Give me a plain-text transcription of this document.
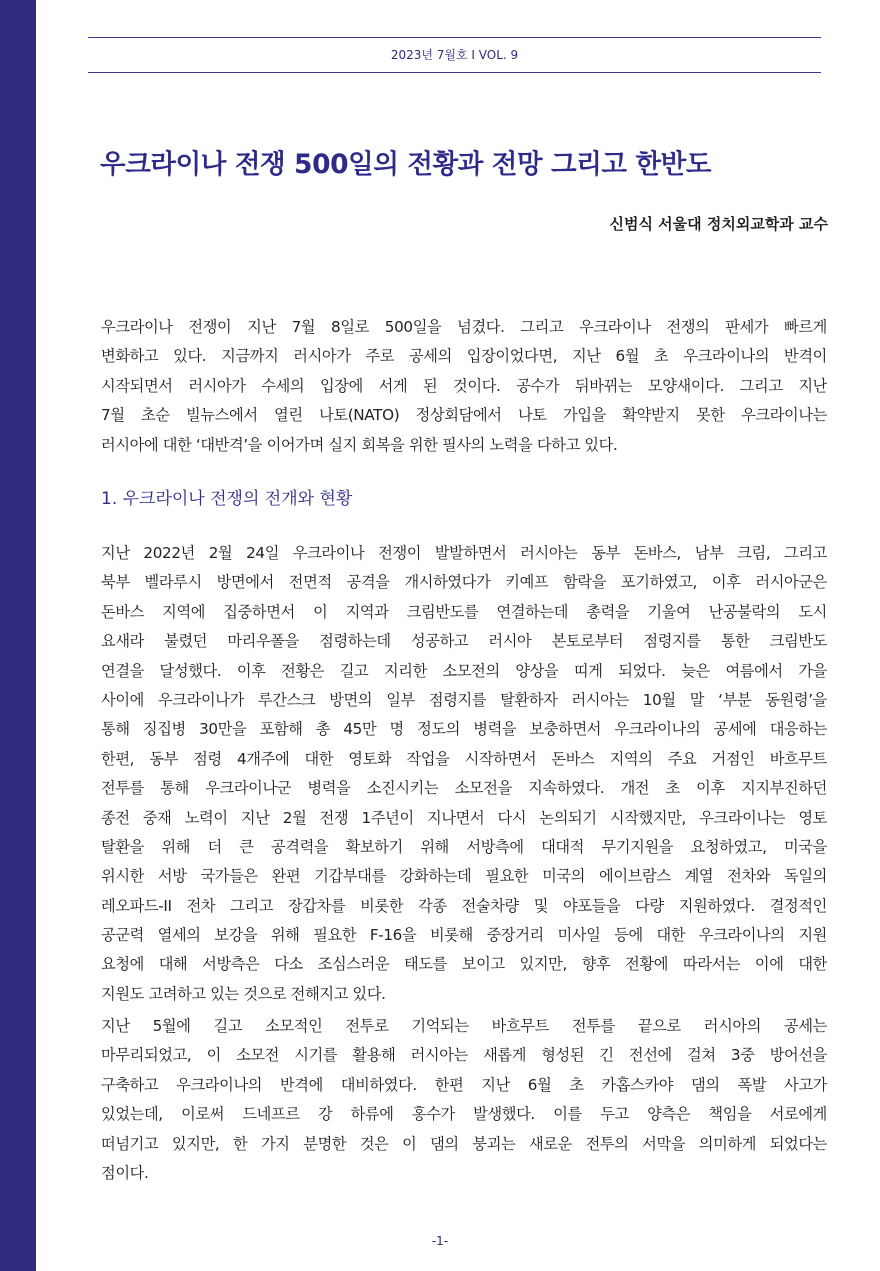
2023년 7월호 I VOL. 9
우크라이나 전쟁 500일의 전황과 전망 그리고 한반도
신범식 서울대 정치외교학과 교수
우크라이나 전쟁이 지난 7월 8일로 500일을 넘겼다. 그리고 우크라이나 전쟁의 판세가 빠르게
변화하고 있다. 지금까지 러시아가 주로 공세의 입장이었다면, 지난 6월 초 우크라이나의 반격이
시작되면서 러시아가 수세의 입장에 서게 된 것이다. 공수가 뒤바뀌는 모양새이다. 그리고 지난
7월 초순 빌뉴스에서 열린 나토(NATO) 정상회담에서 나토 가입을 확약받지 못한 우크라이나는
러시아에 대한 ‘대반격’을 이어가며 실지 회복을 위한 필사의 노력을 다하고 있다.
1. 우크라이나 전쟁의 전개와 현황
지난 2022년 2월 24일 우크라이나 전쟁이 발발하면서 러시아는 동부 돈바스, 남부 크림, 그리고
북부 벨라루시 방면에서 전면적 공격을 개시하였다가 키예프 함락을 포기하였고, 이후 러시아군은
돈바스 지역에 집중하면서 이 지역과 크림반도를 연결하는데 총력을 기울여 난공불락의 도시
요새라 불렸던 마리우폴을 점령하는데 성공하고 러시아 본토로부터 점령지를 통한 크림반도
연결을 달성했다. 이후 전황은 길고 지리한 소모전의 양상을 띠게 되었다. 늦은 여름에서 가을
사이에 우크라이나가 루간스크 방면의 일부 점령지를 탈환하자 러시아는 10월 말 ‘부분 동원령’을
통해 징집병 30만을 포함해 총 45만 명 정도의 병력을 보충하면서 우크라이나의 공세에 대응하는
한편, 동부 점령 4개주에 대한 영토화 작업을 시작하면서 돈바스 지역의 주요 거점인 바흐무트
전투를 통해 우크라이나군 병력을 소진시키는 소모전을 지속하였다. 개전 초 이후 지지부진하던
종전 중재 노력이 지난 2월 전쟁 1주년이 지나면서 다시 논의되기 시작했지만, 우크라이나는 영토
탈환을 위해 더 큰 공격력을 확보하기 위해 서방측에 대대적 무기지원을 요청하였고, 미국을
위시한 서방 국가들은 완편 기갑부대를 강화하는데 필요한 미국의 에이브람스 계열 전차와 독일의
레오파드-II 전차 그리고 장갑차를 비롯한 각종 전술차량 및 야포들을 다량 지원하였다. 결정적인
공군력 열세의 보강을 위해 필요한 F-16을 비롯해 중장거리 미사일 등에 대한 우크라이나의 지원
요청에 대해 서방측은 다소 조심스러운 태도를 보이고 있지만, 향후 전황에 따라서는 이에 대한
지원도 고려하고 있는 것으로 전해지고 있다.
지난 5월에 길고 소모적인 전투로 기억되는 바흐무트 전투를 끝으로 러시아의 공세는
마무리되었고, 이 소모전 시기를 활용해 러시아는 새롭게 형성된 긴 전선에 걸쳐 3중 방어선을
구축하고 우크라이나의 반격에 대비하였다. 한편 지난 6월 초 카홉스카야 댐의 폭발 사고가
있었는데, 이로써 드네프르 강 하류에 홍수가 발생했다. 이를 두고 양측은 책임을 서로에게
떠넘기고 있지만, 한 가지 분명한 것은 이 댐의 붕괴는 새로운 전투의 서막을 의미하게 되었다는
점이다.
-1-
